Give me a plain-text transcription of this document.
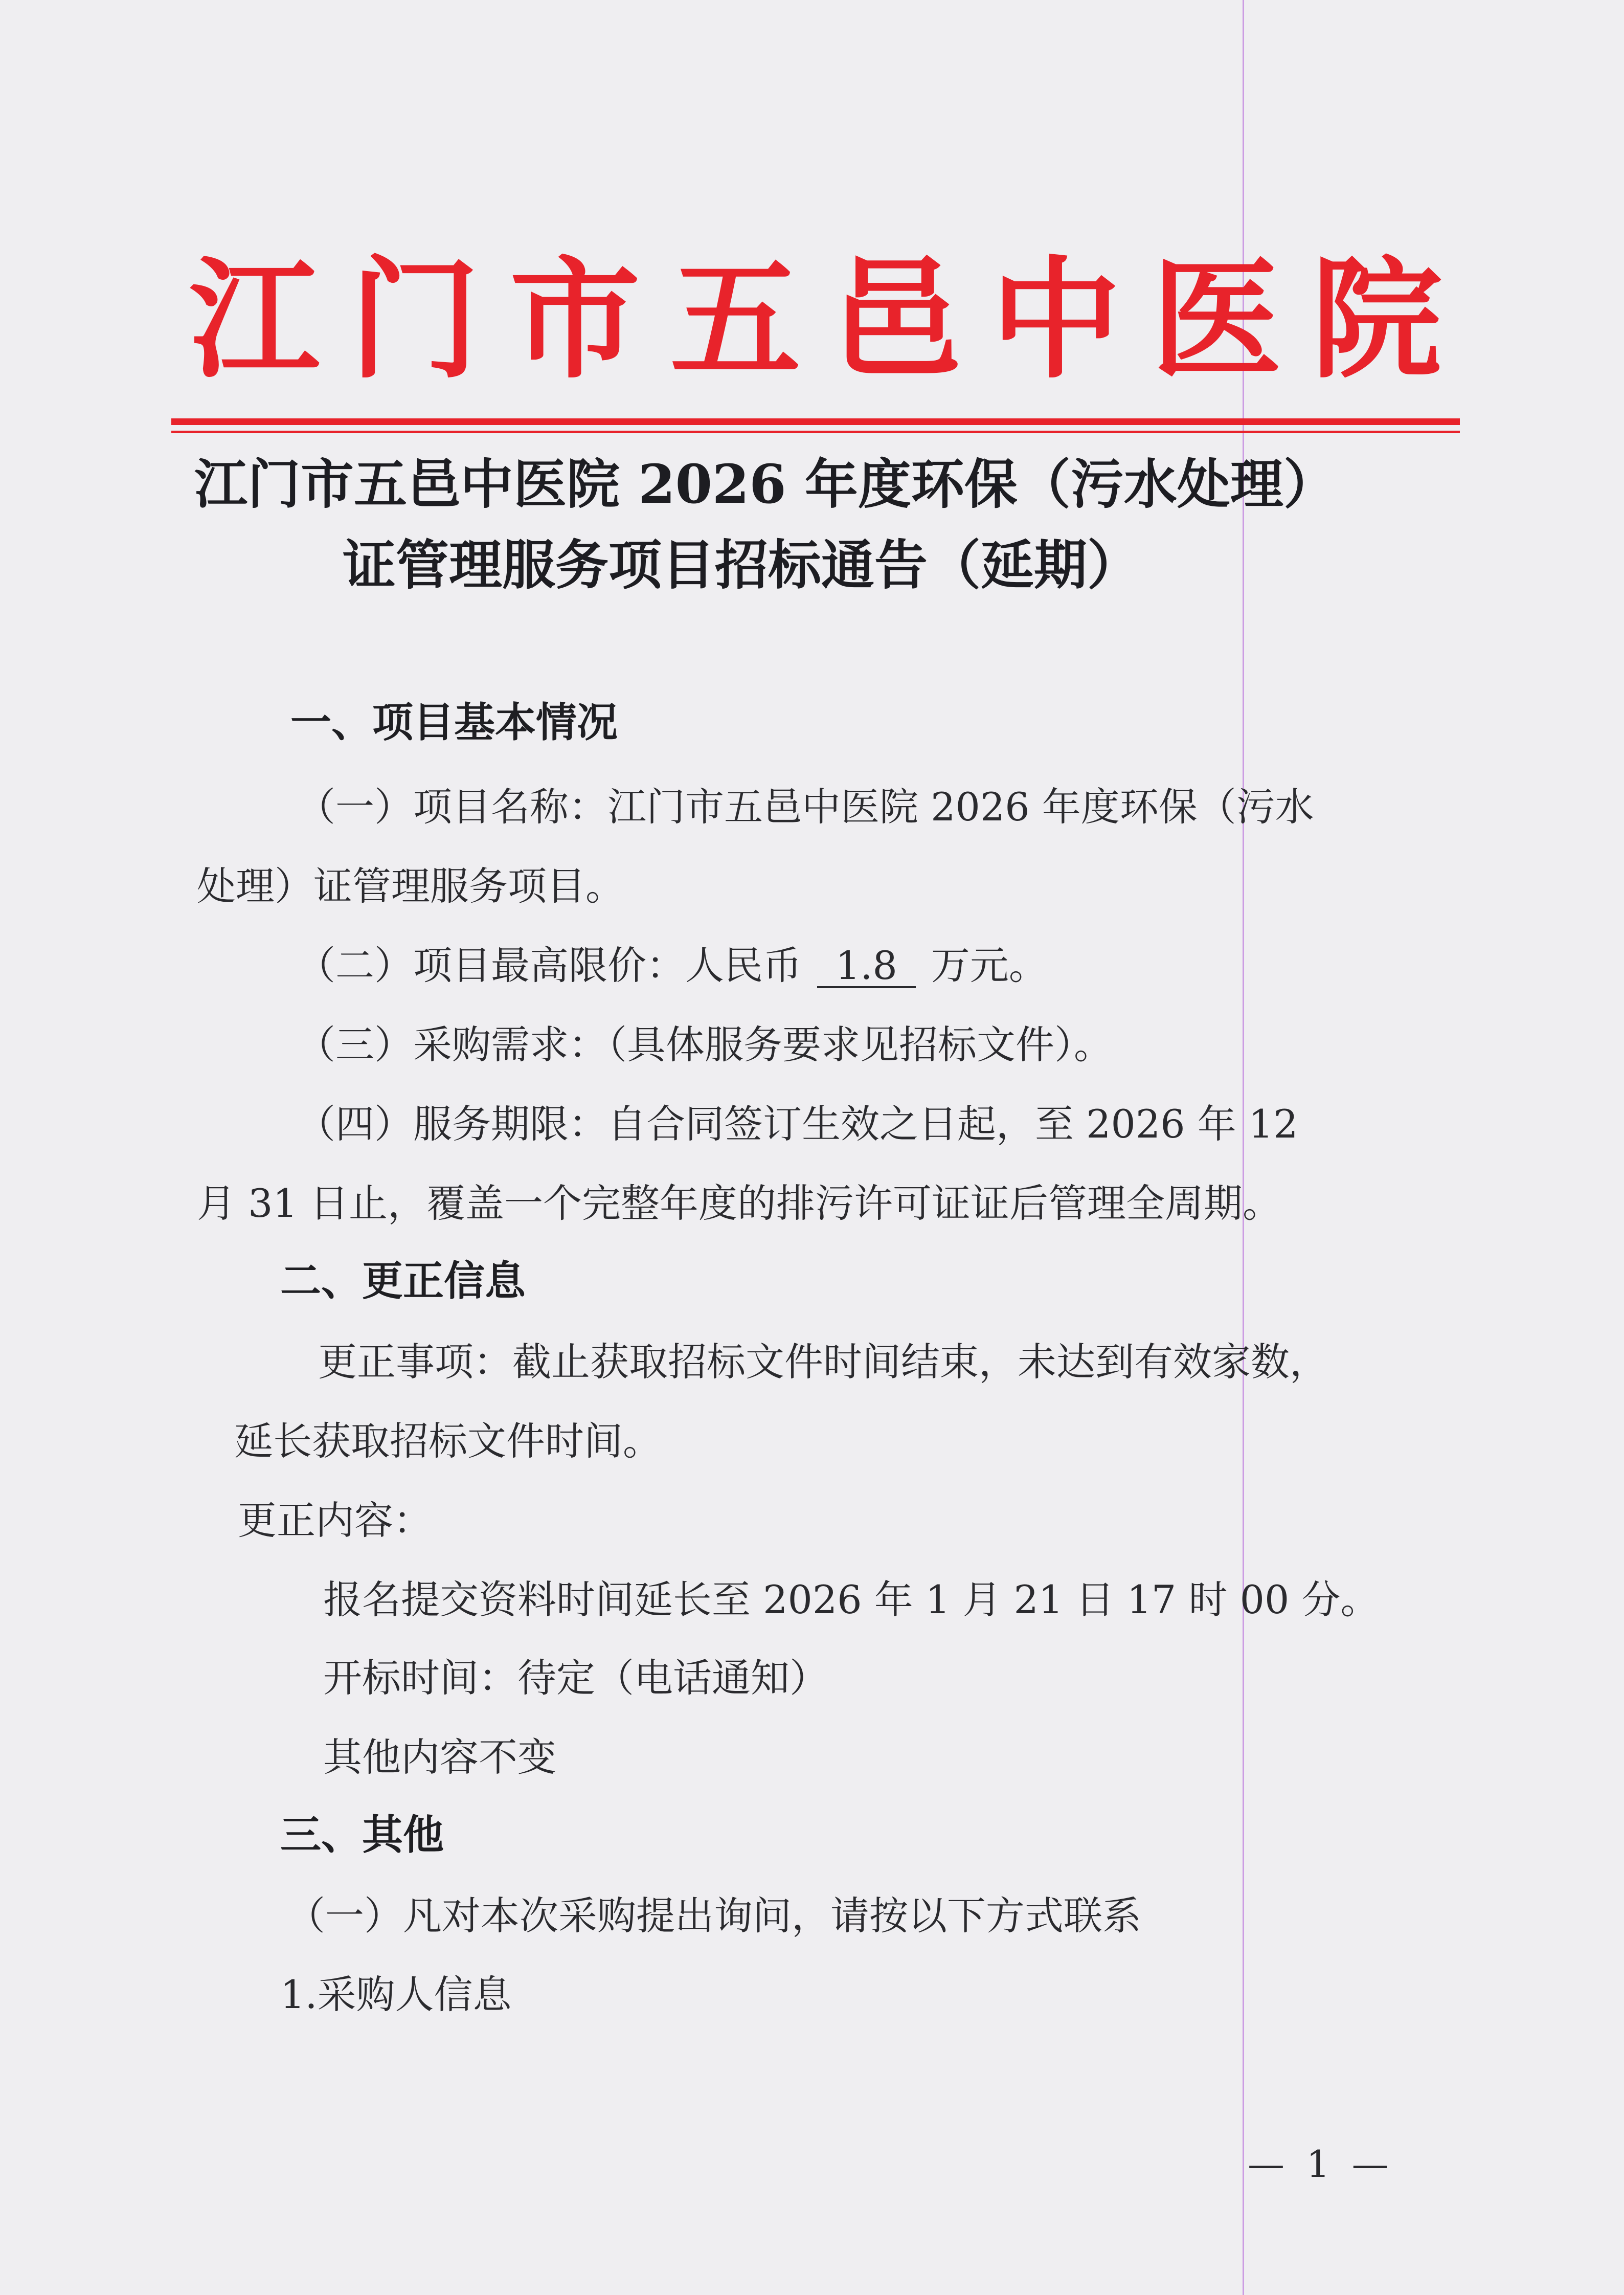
江 门 市 五 邑 中 医 院
江门市五邑中医院 2026 年度环保（污水处理）
证管理服务项目招标通告（延期）
一、项目基本情况
（一）项目名称：江门市五邑中医院 2026 年度环保（污水
处理）证管理服务项目。
（二）项目最高限价：人民币 1.8 万元。
（三）采购需求：（具体服务要求见招标文件）。
（四）服务期限：自合同签订生效之日起，至 2026 年 12
月 31 日止，覆盖一个完整年度的排污许可证证后管理全周期。
二、更正信息
更正事项：截止获取招标文件时间结束，未达到有效家数，
延长获取招标文件时间。
更正内容：
报名提交资料时间延长至 2026 年 1 月 21 日 17 时 00 分。
开标时间：待定（电话通知）
其他内容不变
三、其他
（一）凡对本次采购提出询问，请按以下方式联系
1.采购人信息
— 1 —
